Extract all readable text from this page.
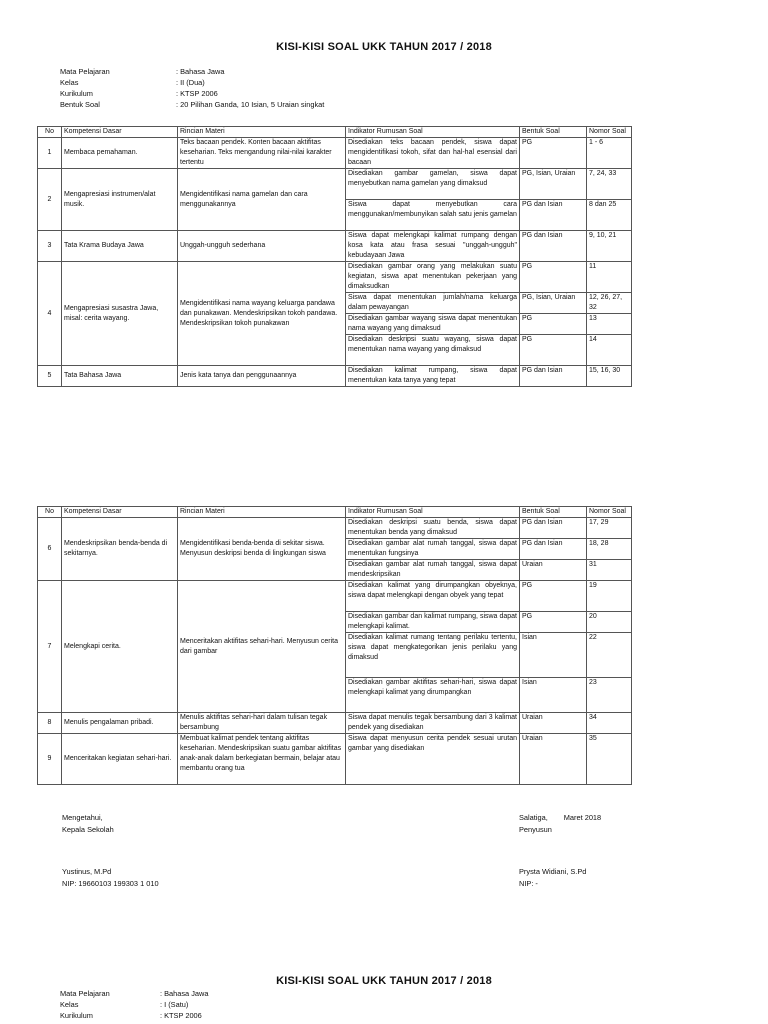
KISI-KISI SOAL UKK TAHUN 2017 / 2018
Mata Pelajaran	: Bahasa Jawa
Kelas	: II (Dua)
Kurikulum	: KTSP 2006
Bentuk Soal	: 20 Pilihan Ganda, 10 Isian, 5 Uraian singkat
No	Kompetensi Dasar	Rincian Materi	Indikator Rumusan Soal	Bentuk Soal	Nomor Soal
1	Membaca pemahaman.	Teks bacaan pendek. Konten bacaan aktifitas keseharian. Teks mengandung nilai-nilai karakter tertentu	Disediakan teks bacaan pendek, siswa dapat mengidentifikasi tokoh, sifat dan hal-hal esensial dari bacaan	PG	1 - 6
2	Mengapresiasi instrumen/alat musik.	Mengidentifikasi nama gamelan dan cara menggunakannya	Disediakan gambar gamelan, siswa dapat menyebutkan nama gamelan yang dimaksud	PG, Isian, Uraian	7, 24, 33
			Siswa dapat menyebutkan cara menggunakan/membunyikan salah satu jenis gamelan	PG dan Isian	8 dan 25
3	Tata Krama Budaya Jawa	Unggah-ungguh sederhana	Siswa dapat melengkapi kalimat rumpang dengan kosa kata atau frasa sesuai "unggah-ungguh" kebudayaan Jawa	PG dan Isian	9, 10, 21
4	Mengapresiasi susastra Jawa, misal: cerita wayang.	Mengidentifikasi nama wayang keluarga pandawa dan punakawan. Mendeskripsikan tokoh pandawa. Mendeskripsikan tokoh punakawan	Disediakan gambar orang yang melakukan suatu kegiatan, siswa apat menentukan pekerjaan yang dimaksudkan	PG	11
			Siswa dapat menentukan jumlah/nama keluarga dalam pewayangan	PG, Isian, Uraian	12, 26, 27, 32
			Disediakan gambar wayang siswa dapat menentukan nama wayang yang dimaksud	PG	13
			Disediakan deskripsi suatu wayang, siswa dapat menentukan nama wayang yang dimaksud	PG	14
5	Tata Bahasa Jawa	Jenis kata tanya dan penggunaannya	Disediakan kalimat rumpang, siswa dapat menentukan kata tanya yang tepat	PG dan Isian	15, 16, 30
No	Kompetensi Dasar	Rincian Materi	Indikator Rumusan Soal	Bentuk Soal	Nomor Soal
6	Mendeskripsikan benda-benda di sekitarnya.	Mengidentifikasi benda-benda di sekitar siswa. Menyusun deskripsi benda di lingkungan siswa	Disediakan deskripsi suatu benda, siswa dapat menentukan benda yang dimaksud	PG dan Isian	17, 29
			Disediakan gambar alat rumah tanggal, siswa dapat menentukan fungsinya	PG dan Isian	18, 28
			Disediakan gambar alat rumah tanggal, siswa dapat mendeskripsikan	Uraian	31
7	Melengkapi cerita.	Menceritakan aktifitas sehari-hari. Menyusun cerita dari gambar	Disediakan kalimat yang dirumpangkan obyeknya, siswa dapat melengkapi dengan obyek yang tepat	PG	19
			Disediakan gambar dan kalimat rumpang, siswa dapat melengkapi kalimat.	PG	20
			Disediakan kalimat rumang tentang perilaku tertentu, siswa dapat mengkategorikan jenis perilaku yang dimaksud	Isian	22
			Disediakan gambar aktifitas sehari-hari, siswa dapat melengkapi kalimat yang dirumpangkan	Isian	23
8	Menulis pengalaman pribadi.	Menulis aktifitas sehari-hari dalam tulisan tegak bersambung	Siswa dapat menulis tegak bersambung dari 3 kalimat pendek yang disediakan	Uraian	34
9	Menceritakan kegiatan sehari-hari.	Membuat kalimat pendek tentang aktifitas keseharian. Mendeskripsikan suatu gambar aktifitas anak-anak dalam berkegiatan bermain, belajar atau membantu orang tua	Siswa dapat menyusun cerita pendek sesuai urutan gambar yang disediakan	Uraian	35
Mengetahui,
Kepala Sekolah
Yustinus, M.Pd
NIP: 19660103 199303 1 010
Salatiga, Maret 2018
Penyusun
Prysta Widiani, S.Pd
NIP: -
KISI-KISI SOAL UKK TAHUN 2017 / 2018
Mata Pelajaran	: Bahasa Jawa
Kelas	: I (Satu)
Kurikulum	: KTSP 2006
